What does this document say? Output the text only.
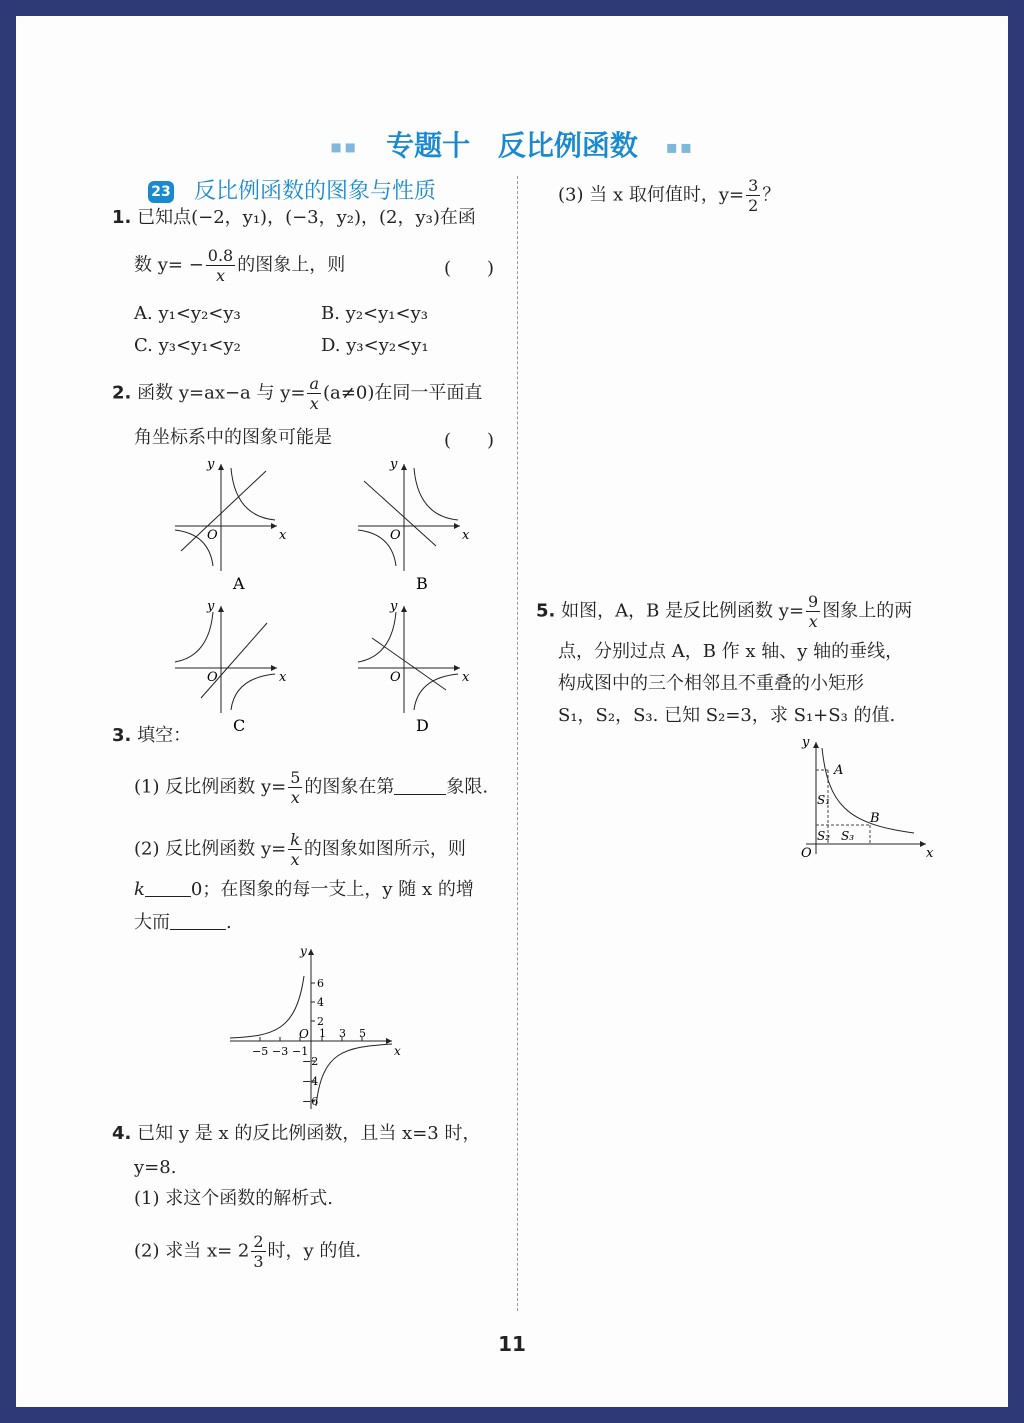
▪▪ 专题十 反比例函数 ▪▪
23 反比例函数的图象与性质
1. 已知点(−2，y₁)，(−3，y₂)，(2，y₃)在函
数 $y= - \frac{0.8}{x}$ 的图象上，则	(　　)
A. y₁<y₂<y₃	B. y₂<y₁<y₃
C. y₃<y₁<y₂	D. y₃<y₂<y₁
2. 函数 y=ax−a 与 $y= \frac{a}{x} (a\ne 0)$在同一平面直
角坐标系中的图象可能是	(　　)
O	x
y
A
O	x
y
B
O	x
y
C
O	x
y
D
3. 填空：
(1) 反比例函数 $y= \frac{5}{x}$ 的图象在第	象限.
(2) 反比例函数 $y= \frac{k}{x}$ 的图象如图所示，则
k	0；在图象的每一支上，y 随 x 的增
大而	.
6
4
2
−2
−4
−6
1 3 5
−5 −3 −1
O
x
y
4. 已知 y 是 x 的反比例函数，且当 x=3 时，
y=8.
(1) 求这个函数的解析式.
(2) 求当 $x= 2 \frac{2}{3}$ 时，y 的值.
(3) 当 x 取何值时，$y= \frac{3}{2}$ ？
5. 如图，A，B 是反比例函数 $y= \frac{9}{x}$ 图象上的两
点，分别过点 A，B 作 x 轴、y 轴的垂线，
构成图中的三个相邻且不重叠的小矩形
S₁，S₂，S₃. 已知 S₂=3，求 S₁+S₃ 的值.
A
B
S₁
S₂ S₃
O	x
y
11
